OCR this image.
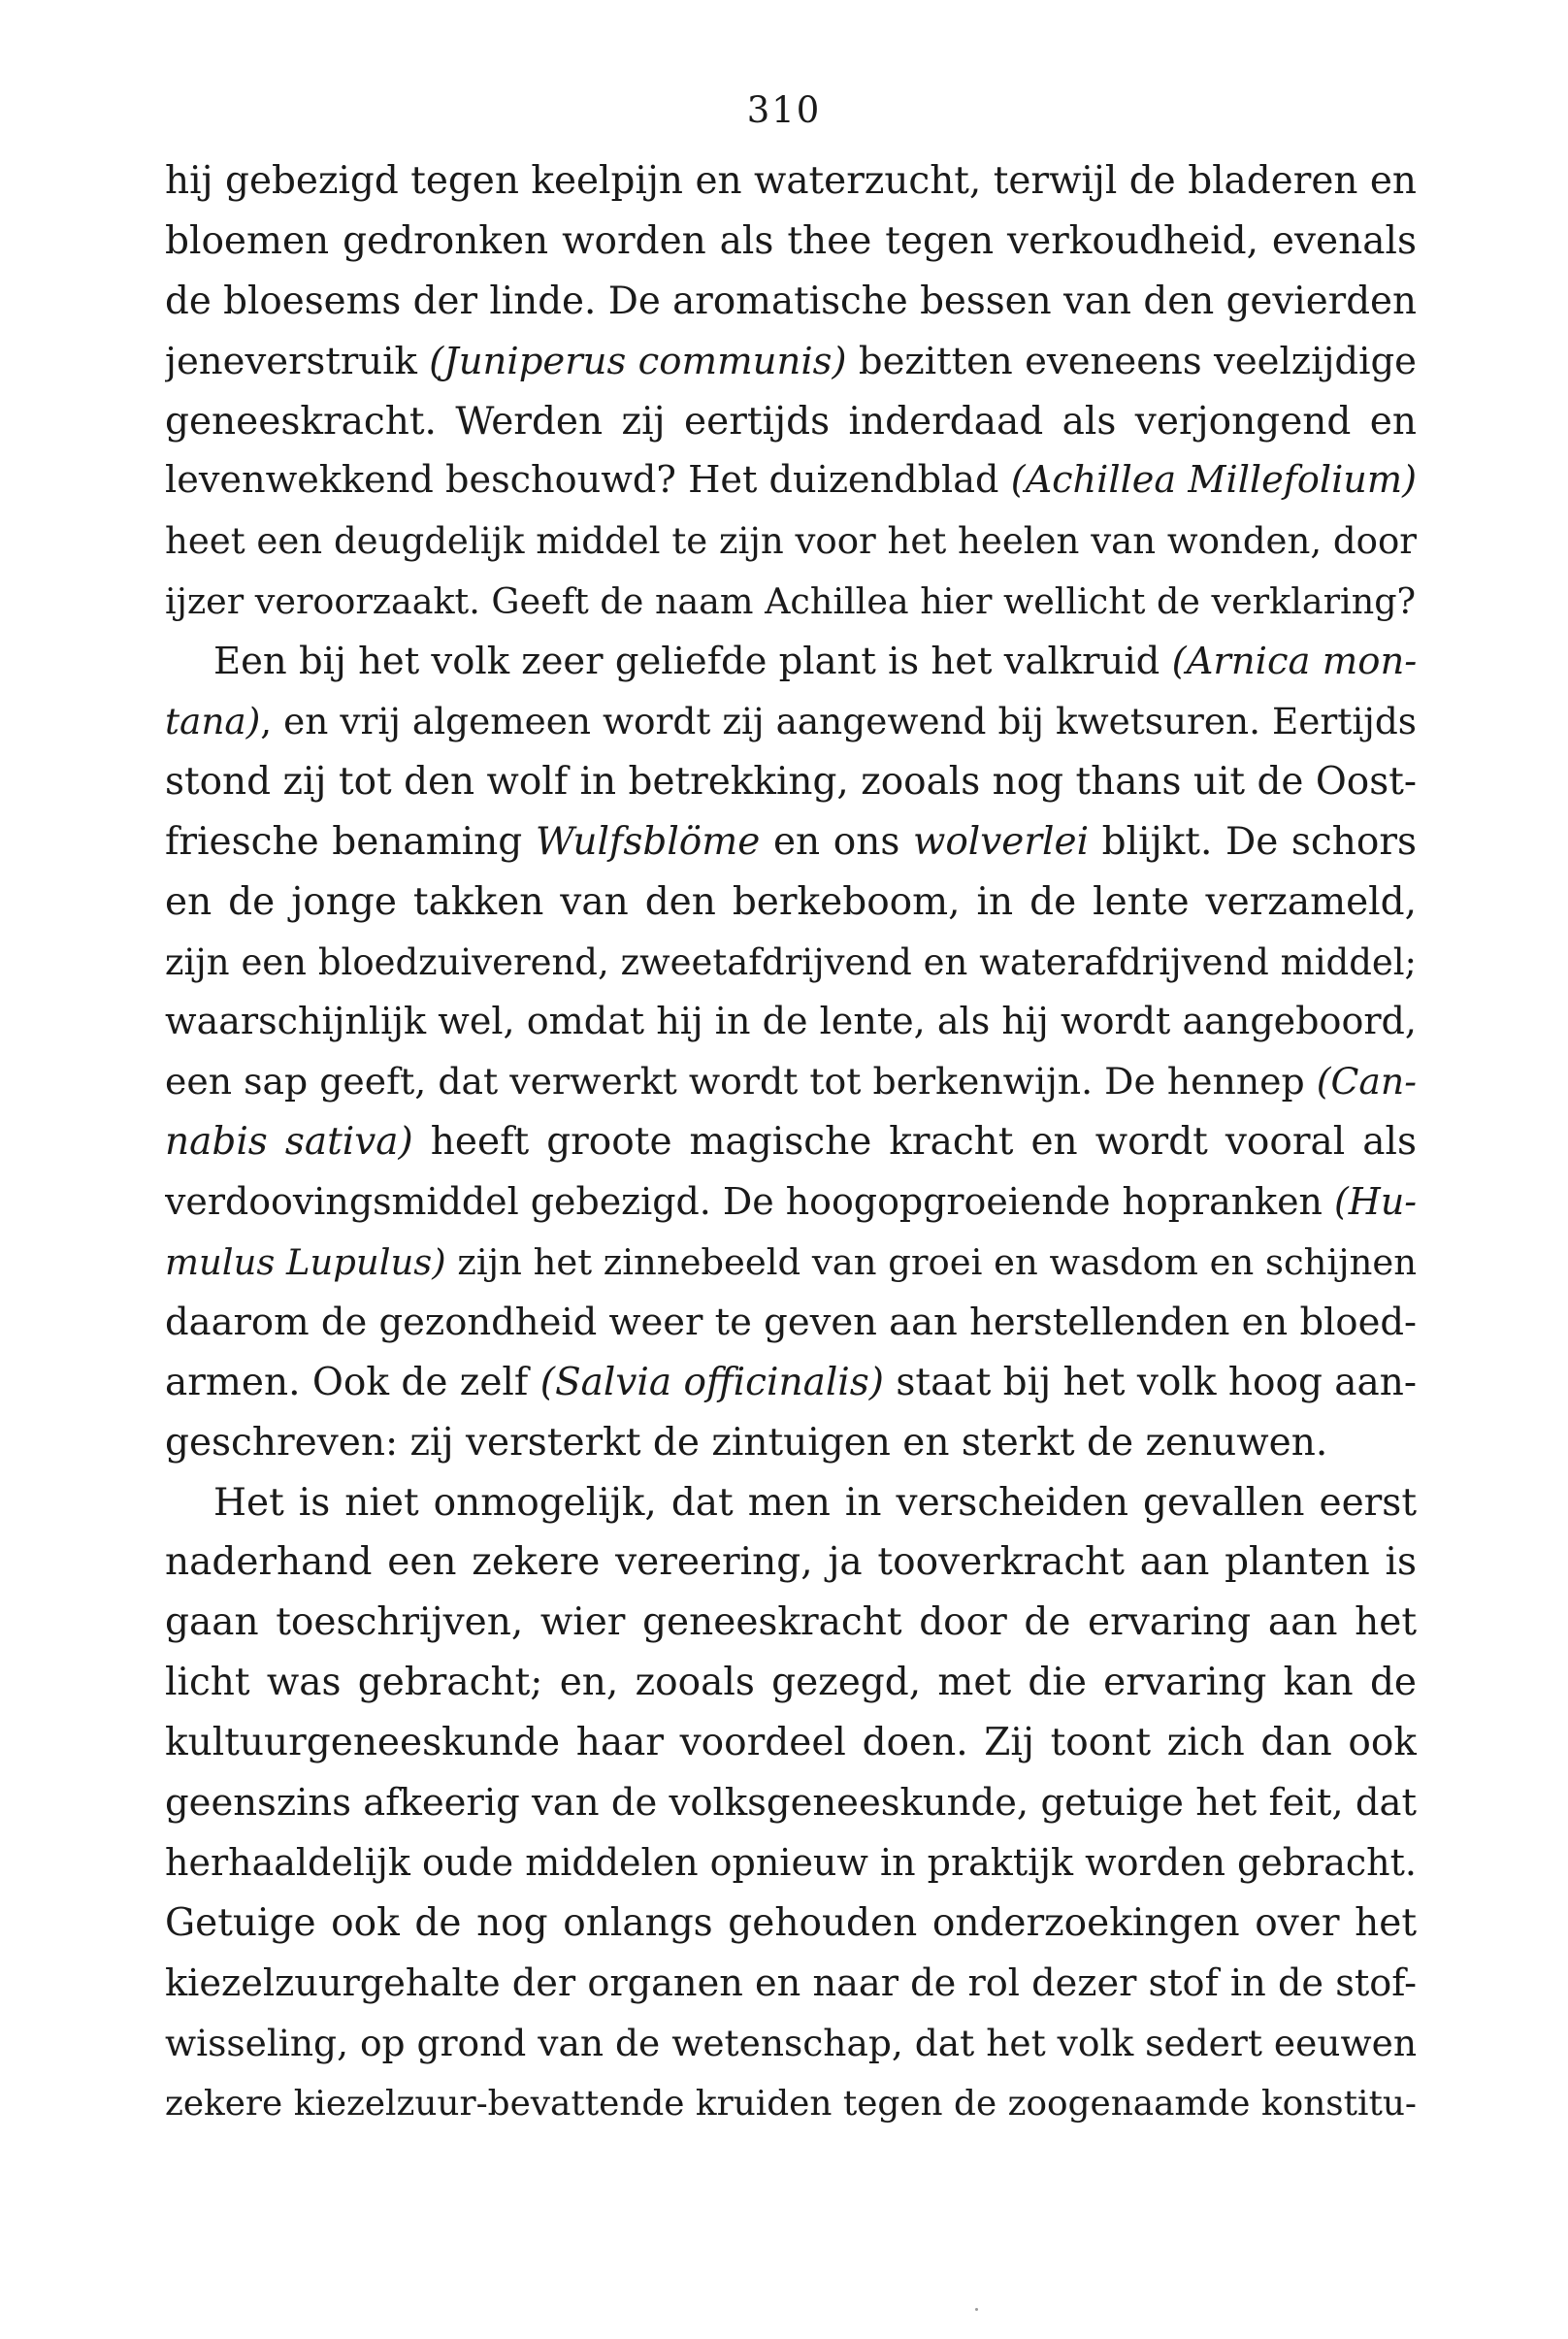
310
hij gebezigd tegen keelpijn en waterzucht, terwijl de bladeren en
bloemen gedronken worden als thee tegen verkoudheid, evenals
de bloesems der linde. De aromatische bessen van den gevierden
jeneverstruik (Juniperus communis) bezitten eveneens veelzijdige
geneeskracht. Werden zij eertijds inderdaad als verjongend en
levenwekkend beschouwd? Het duizendblad (Achillea Millefolium)
heet een deugdelijk middel te zijn voor het heelen van wonden, door
ijzer veroorzaakt. Geeft de naam Achillea hier wellicht de verklaring?
Een bij het volk zeer geliefde plant is het valkruid (Arnica mon-
tana), en vrij algemeen wordt zij aangewend bij kwetsuren. Eertijds
stond zij tot den wolf in betrekking, zooals nog thans uit de Oost-
friesche benaming Wulfsblöme en ons wolverlei blijkt. De schors
en de jonge takken van den berkeboom, in de lente verzameld,
zijn een bloedzuiverend, zweetafdrijvend en waterafdrijvend middel;
waarschijnlijk wel, omdat hij in de lente, als hij wordt aangeboord,
een sap geeft, dat verwerkt wordt tot berkenwijn. De hennep (Can-
nabis sativa) heeft groote magische kracht en wordt vooral als
verdoovingsmiddel gebezigd. De hoogopgroeiende hopranken (Hu-
mulus Lupulus) zijn het zinnebeeld van groei en wasdom en schijnen
daarom de gezondheid weer te geven aan herstellenden en bloed-
armen. Ook de zelf (Salvia officinalis) staat bij het volk hoog aan-
geschreven: zij versterkt de zintuigen en sterkt de zenuwen.
Het is niet onmogelijk, dat men in verscheiden gevallen eerst
naderhand een zekere vereering, ja tooverkracht aan planten is
gaan toeschrijven, wier geneeskracht door de ervaring aan het
licht was gebracht; en, zooals gezegd, met die ervaring kan de
kultuurgeneeskunde haar voordeel doen. Zij toont zich dan ook
geenszins afkeerig van de volksgeneeskunde, getuige het feit, dat
herhaaldelijk oude middelen opnieuw in praktijk worden gebracht.
Getuige ook de nog onlangs gehouden onderzoekingen over het
kiezelzuurgehalte der organen en naar de rol dezer stof in de stof-
wisseling, op grond van de wetenschap, dat het volk sedert eeuwen
zekere kiezelzuur-bevattende kruiden tegen de zoogenaamde konstitu-
